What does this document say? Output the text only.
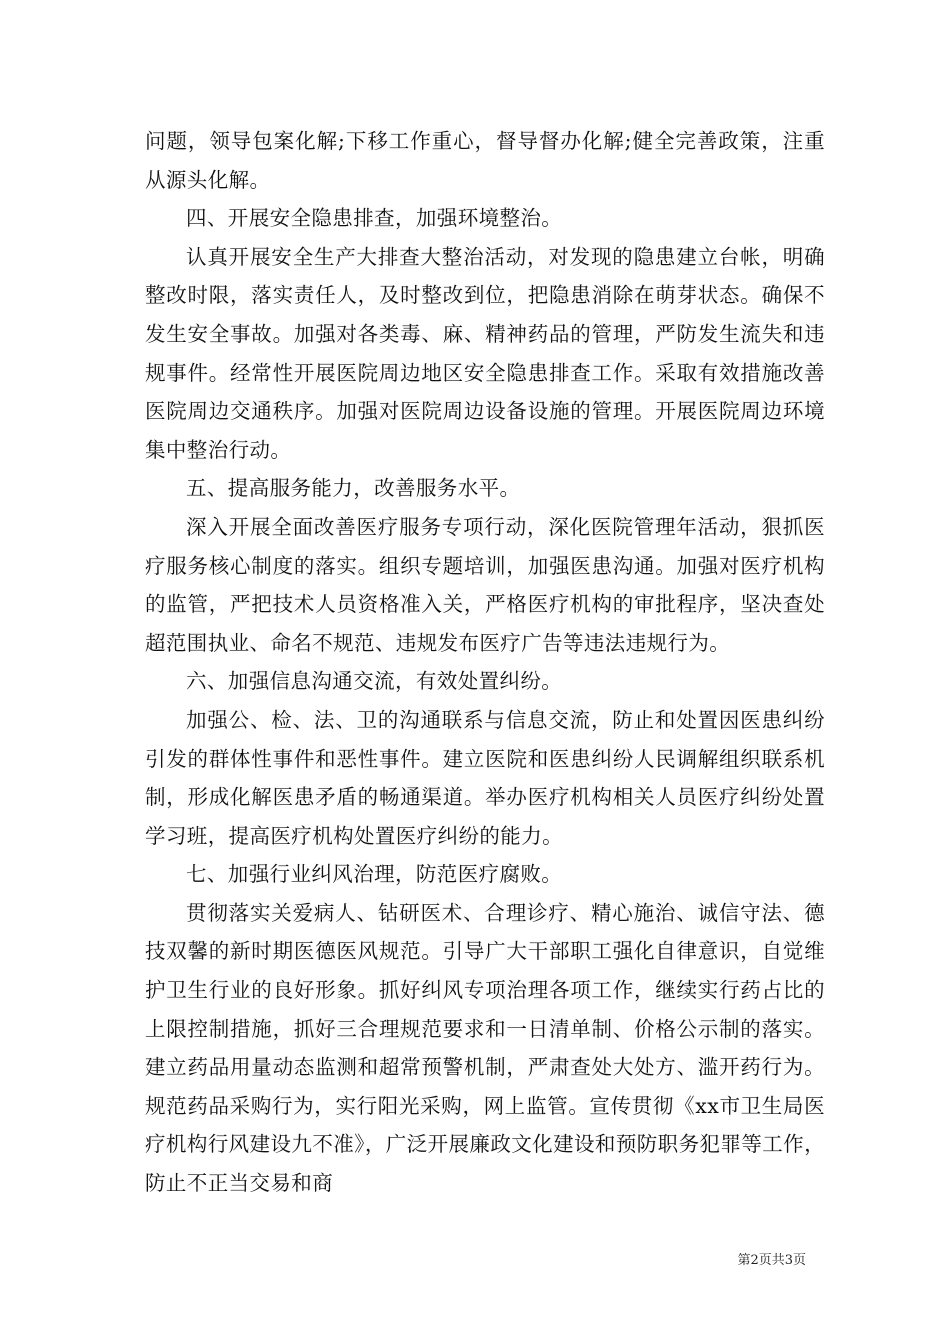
问题，领导包案化解;下移工作重心，督导督办化解;健全完善政策，注重从源头化解。

四、开展安全隐患排查，加强环境整治。

认真开展安全生产大排查大整治活动，对发现的隐患建立台帐，明确整改时限，落实责任人，及时整改到位，把隐患消除在萌芽状态。确保不发生安全事故。加强对各类毒、麻、精神药品的管理，严防发生流失和违规事件。经常性开展医院周边地区安全隐患排查工作。采取有效措施改善医院周边交通秩序。加强对医院周边设备设施的管理。开展医院周边环境集中整治行动。

五、提高服务能力，改善服务水平。

深入开展全面改善医疗服务专项行动，深化医院管理年活动，狠抓医疗服务核心制度的落实。组织专题培训，加强医患沟通。加强对医疗机构的监管，严把技术人员资格准入关，严格医疗机构的审批程序，坚决查处超范围执业、命名不规范、违规发布医疗广告等违法违规行为。

六、加强信息沟通交流，有效处置纠纷。

加强公、检、法、卫的沟通联系与信息交流，防止和处置因医患纠纷引发的群体性事件和恶性事件。建立医院和医患纠纷人民调解组织联系机制，形成化解医患矛盾的畅通渠道。举办医疗机构相关人员医疗纠纷处置学习班，提高医疗机构处置医疗纠纷的能力。

七、加强行业纠风治理，防范医疗腐败。

贯彻落实关爱病人、钻研医术、合理诊疗、精心施治、诚信守法、德技双馨的新时期医德医风规范。引导广大干部职工强化自律意识，自觉维护卫生行业的良好形象。抓好纠风专项治理各项工作，继续实行药占比的上限控制措施，抓好三合理规范要求和一日清单制、价格公示制的落实。建立药品用量动态监测和超常预警机制，严肃查处大处方、滥开药行为。规范药品采购行为，实行阳光采购，网上监管。宣传贯彻《xx市卫生局医疗机构行风建设九不准》，广泛开展廉政文化建设和预防职务犯罪等工作，防止不正当交易和商

第2页共3页
